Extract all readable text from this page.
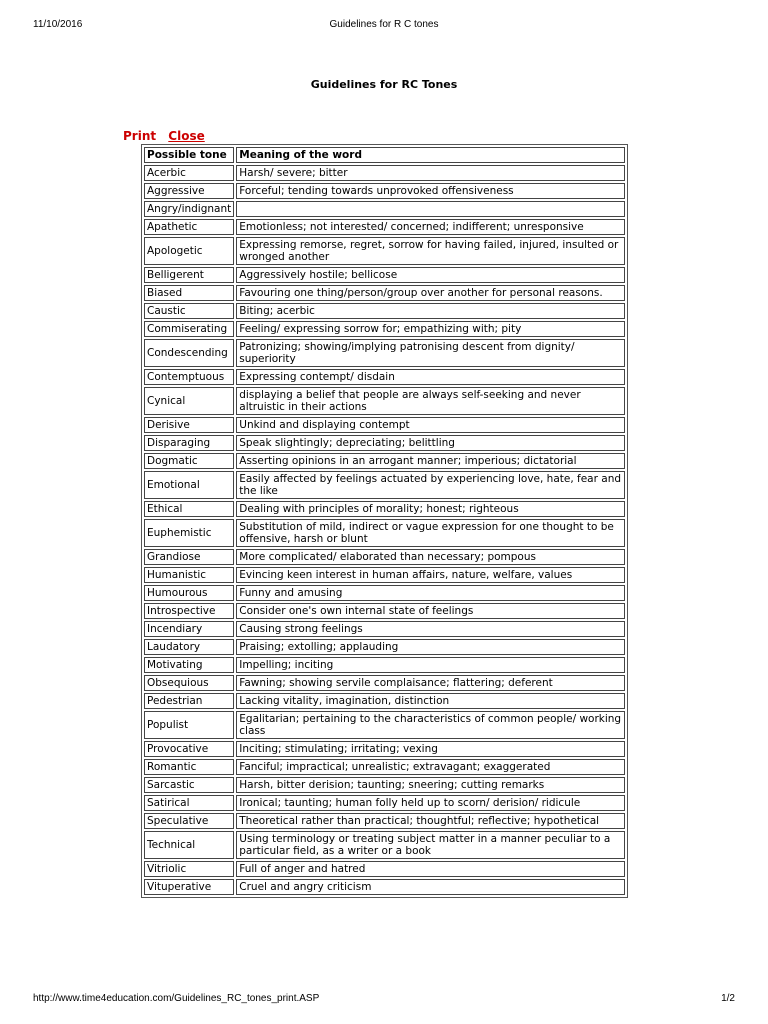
11/10/2016	Guidelines for R C tones
Guidelines for RC Tones
Print Close
Possible tone	Meaning of the word
Acerbic	Harsh/ severe; bitter
Aggressive	Forceful; tending towards unprovoked offensiveness
Angry/indignant	
Apathetic	Emotionless; not interested/ concerned; indifferent; unresponsive
Apologetic	Expressing remorse, regret, sorrow for having failed, injured, insulted or wronged another
Belligerent	Aggressively hostile; bellicose
Biased	Favouring one thing/person/group over another for personal reasons.
Caustic	Biting; acerbic
Commiserating	Feeling/ expressing sorrow for; empathizing with; pity
Condescending	Patronizing; showing/implying patronising descent from dignity/ superiority
Contemptuous	Expressing contempt/ disdain
Cynical	displaying a belief that people are always self-seeking and never altruistic in their actions
Derisive	Unkind and displaying contempt
Disparaging	Speak slightingly; depreciating; belittling
Dogmatic	Asserting opinions in an arrogant manner; imperious; dictatorial
Emotional	Easily affected by feelings actuated by experiencing love, hate, fear and the like
Ethical	Dealing with principles of morality; honest; righteous
Euphemistic	Substitution of mild, indirect or vague expression for one thought to be offensive, harsh or blunt
Grandiose	More complicated/ elaborated than necessary; pompous
Humanistic	Evincing keen interest in human affairs, nature, welfare, values
Humourous	Funny and amusing
Introspective	Consider one's own internal state of feelings
Incendiary	Causing strong feelings
Laudatory	Praising; extolling; applauding
Motivating	Impelling; inciting
Obsequious	Fawning; showing servile complaisance; flattering; deferent
Pedestrian	Lacking vitality, imagination, distinction
Populist	Egalitarian; pertaining to the characteristics of common people/ working class
Provocative	Inciting; stimulating; irritating; vexing
Romantic	Fanciful; impractical; unrealistic; extravagant; exaggerated
Sarcastic	Harsh, bitter derision; taunting; sneering; cutting remarks
Satirical	Ironical; taunting; human folly held up to scorn/ derision/ ridicule
Speculative	Theoretical rather than practical; thoughtful; reflective; hypothetical
Technical	Using terminology or treating subject matter in a manner peculiar to a particular field, as a writer or a book
Vitriolic	Full of anger and hatred
Vituperative	Cruel and angry criticism
http://www.time4education.com/Guidelines_RC_tones_print.ASP	1/2
